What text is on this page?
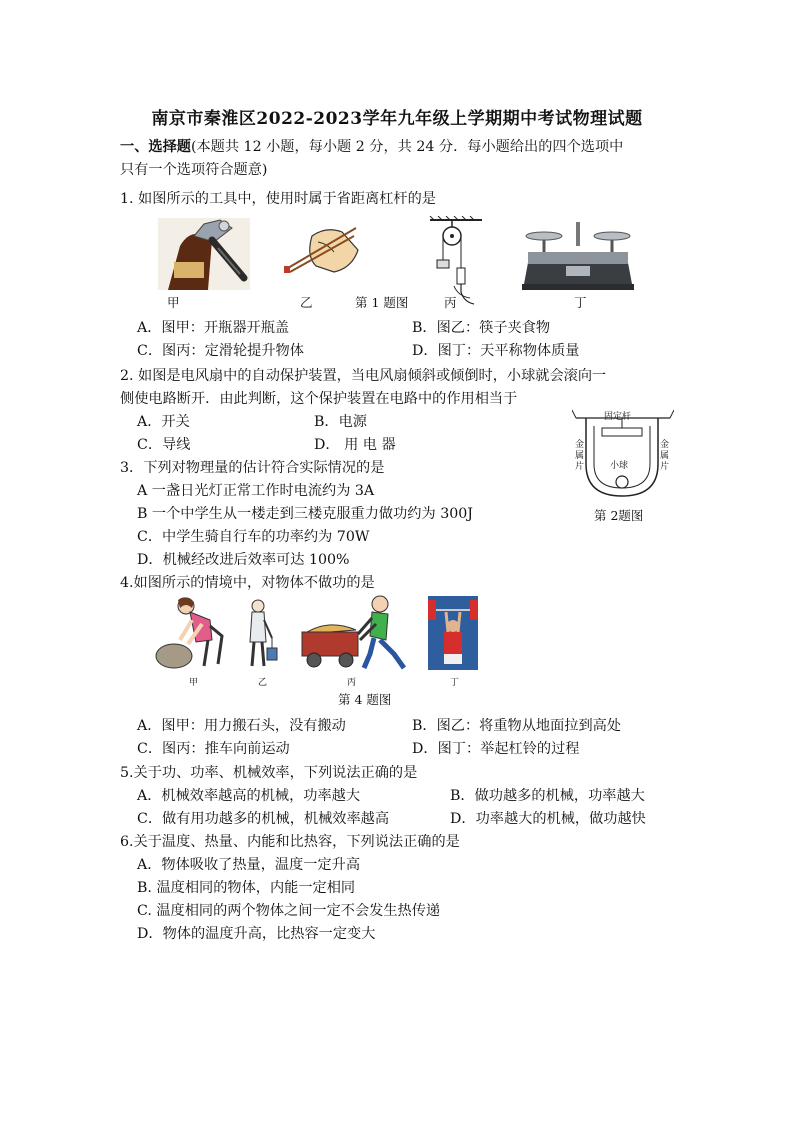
南京市秦淮区2022-2023学年九年级上学期期中考试物理试题
一、选择题(本题共 12 小题，每小题 2 分，共 24 分．每小题给出的四个选项中
只有一个选项符合题意)
1. 如图所示的工具中，使用时属于省距离杠杆的是
甲	乙	第 1 题图	丙	丁
A．图甲：开瓶器开瓶盖	B．图乙：筷子夹食物
C．图丙：定滑轮提升物体	D．图丁：天平称物体质量
2. 如图是电风扇中的自动保护装置，当电风扇倾斜或倾倒时，小球就会滚向一
侧使电路断开．由此判断，这个保护装置在电路中的作用相当于
A．开关	B．电源
C．导线	D． 用 电 器
固定杆
金属片
金属片
小球
第 2题图
3．下列对物理量的估计符合实际情况的是
A 一盏日光灯正常工作时电流约为 3A
B 一个中学生从一楼走到三楼克服重力做功约为 300J
C．中学生骑自行车的功率约为 70W
D．机械经改进后效率可达 100%
4.如图所示的情境中，对物体不做功的是
甲	乙	丙	丁
第 4 题图
A．图甲：用力搬石头，没有搬动	B．图乙：将重物从地面拉到高处
C．图丙：推车向前运动	D．图丁：举起杠铃的过程
5.关于功、功率、机械效率，下列说法正确的是
A．机械效率越高的机械，功率越大	B．做功越多的机械，功率越大
C．做有用功越多的机械，机械效率越高	D．功率越大的机械，做功越快
6.关于温度、热量、内能和比热容，下列说法正确的是
A．物体吸收了热量，温度一定升高
B. 温度相同的物体，内能一定相同
C. 温度相同的两个物体之间一定不会发生热传递
D．物体的温度升高，比热容一定变大
